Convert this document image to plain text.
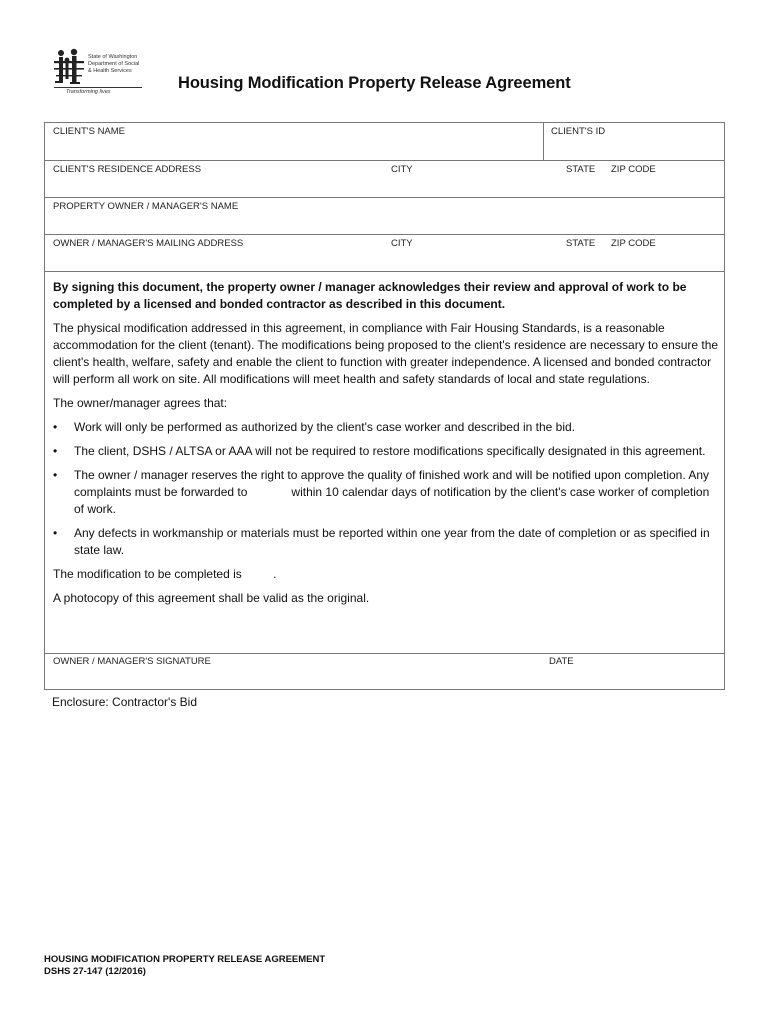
State of Washington
Department of Social
& Health Services
Transforming lives	Housing Modification Property Release Agreement
CLIENT'S NAME	CLIENT'S ID
CLIENT'S RESIDENCE ADDRESS	CITY	STATE ZIP CODE
PROPERTY OWNER / MANAGER'S NAME
OWNER / MANAGER'S MAILING ADDRESS	CITY	STATE ZIP CODE

By signing this document, the property owner / manager acknowledges their review and approval of work to be completed by a licensed and bonded contractor as described in this document.

The physical modification addressed in this agreement, in compliance with Fair Housing Standards, is a reasonable accommodation for the client (tenant). The modifications being proposed to the client's residence are necessary to ensure the client's health, welfare, safety and enable the client to function with greater independence. A licensed and bonded contractor will perform all work on site. All modifications will meet health and safety standards of local and state regulations.

The owner/manager agrees that:

• Work will only be performed as authorized by the client's case worker and described in the bid.
• The client, DSHS / ALTSA or AAA will not be required to restore modifications specifically designated in this agreement.
• The owner / manager reserves the right to approve the quality of finished work and will be notified upon completion. Any complaints must be forwarded to	within 10 calendar days of notification by the client's case worker of completion of work.
• Any defects in workmanship or materials must be reported within one year from the date of completion or as specified in state law.

The modification to be completed is	.

A photocopy of this agreement shall be valid as the original.

OWNER / MANAGER'S SIGNATURE	DATE
Enclosure: Contractor's Bid
HOUSING MODIFICATION PROPERTY RELEASE AGREEMENT
DSHS 27-147 (12/2016)
